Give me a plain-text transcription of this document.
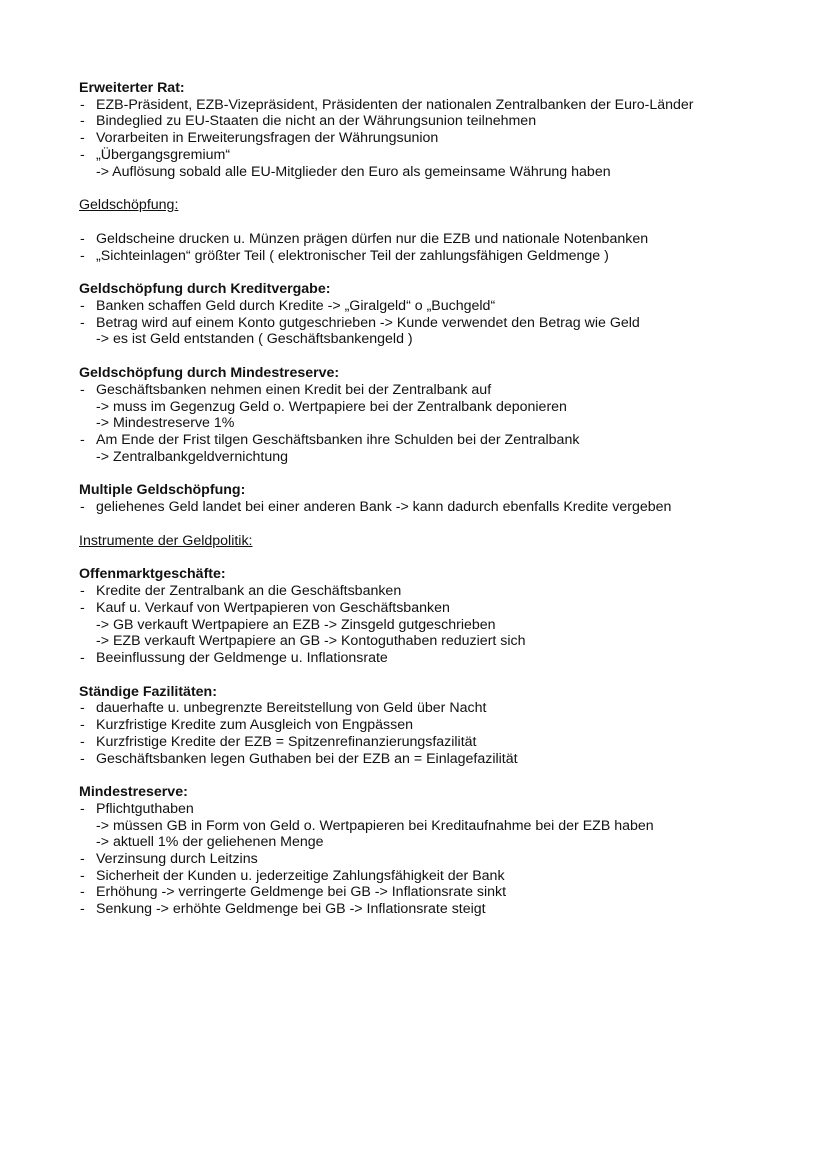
Erweiterter Rat:
- EZB-Präsident, EZB-Vizepräsident, Präsidenten der nationalen Zentralbanken der Euro-Länder
- Bindeglied zu EU-Staaten die nicht an der Währungsunion teilnehmen
- Vorarbeiten in Erweiterungsfragen der Währungsunion
- „Übergangsgremium“
-> Auflösung sobald alle EU-Mitglieder den Euro als gemeinsame Währung haben
Geldschöpfung:
- Geldscheine drucken u. Münzen prägen dürfen nur die EZB und nationale Notenbanken
- „Sichteinlagen“ größter Teil ( elektronischer Teil der zahlungsfähigen Geldmenge )
Geldschöpfung durch Kreditvergabe:
- Banken schaffen Geld durch Kredite -> „Giralgeld“ o „Buchgeld“
- Betrag wird auf einem Konto gutgeschrieben -> Kunde verwendet den Betrag wie Geld
-> es ist Geld entstanden ( Geschäftsbankengeld )
Geldschöpfung durch Mindestreserve:
- Geschäftsbanken nehmen einen Kredit bei der Zentralbank auf
-> muss im Gegenzug Geld o. Wertpapiere bei der Zentralbank deponieren
-> Mindestreserve 1%
- Am Ende der Frist tilgen Geschäftsbanken ihre Schulden bei der Zentralbank
-> Zentralbankgeldvernichtung
Multiple Geldschöpfung:
- geliehenes Geld landet bei einer anderen Bank -> kann dadurch ebenfalls Kredite vergeben
Instrumente der Geldpolitik:
Offenmarktgeschäfte:
- Kredite der Zentralbank an die Geschäftsbanken
- Kauf u. Verkauf von Wertpapieren von Geschäftsbanken
-> GB verkauft Wertpapiere an EZB -> Zinsgeld gutgeschrieben
-> EZB verkauft Wertpapiere an GB -> Kontoguthaben reduziert sich
- Beeinflussung der Geldmenge u. Inflationsrate
Ständige Fazilitäten:
- dauerhafte u. unbegrenzte Bereitstellung von Geld über Nacht
- Kurzfristige Kredite zum Ausgleich von Engpässen
- Kurzfristige Kredite der EZB = Spitzenrefinanzierungsfazilität
- Geschäftsbanken legen Guthaben bei der EZB an = Einlagefazilität
Mindestreserve:
- Pflichtguthaben
-> müssen GB in Form von Geld o. Wertpapieren bei Kreditaufnahme bei der EZB haben
-> aktuell 1% der geliehenen Menge
- Verzinsung durch Leitzins
- Sicherheit der Kunden u. jederzeitige Zahlungsfähigkeit der Bank
- Erhöhung -> verringerte Geldmenge bei GB -> Inflationsrate sinkt
- Senkung -> erhöhte Geldmenge bei GB -> Inflationsrate steigt
